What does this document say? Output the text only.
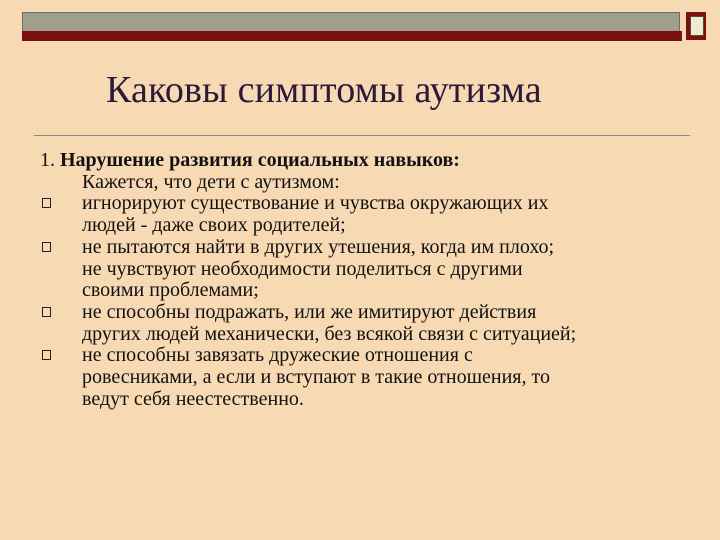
Каковы симптомы аутизма

1. Нарушение развития социальных навыков:

Кажется, что дети с аутизмом:

игнорируют существование и чувства окружающих их
людей - даже своих родителей;
не пытаются найти в других утешения, когда им плохо;
не чувствуют необходимости поделиться с другими
своими проблемами;
не способны подражать, или же имитируют действия
других людей механически, без всякой связи с ситуацией;
не способны завязать дружеские отношения с
ровесниками, а если и вступают в такие отношения, то
ведут себя неестественно.
